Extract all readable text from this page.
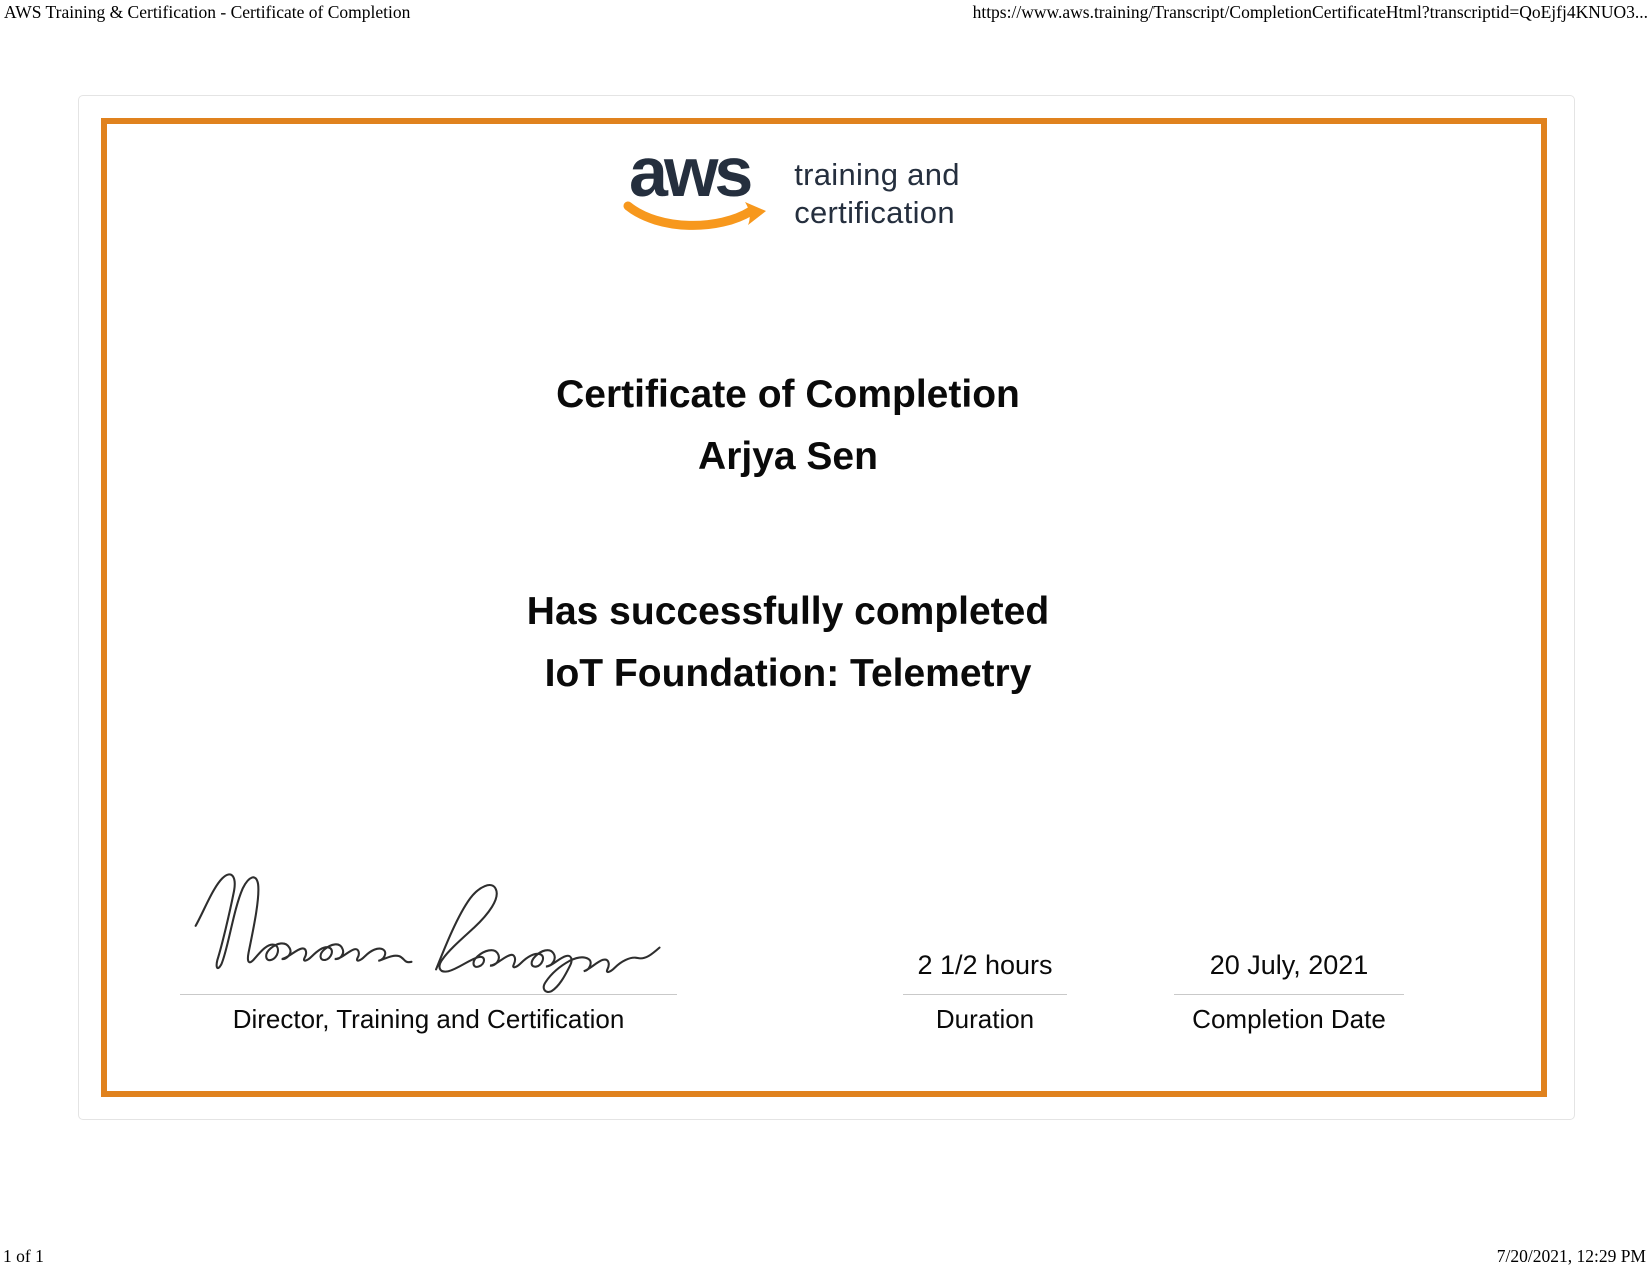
AWS Training & Certification - Certificate of Completion	https://www.aws.training/Transcript/CompletionCertificateHtml?transcriptid=QoEjfj4KNUO3...
aws training and
certification
Certificate of Completion
Arjya Sen
Has successfully completed
IoT Foundation: Telemetry
Director, Training and Certification
2 1/2 hours
Duration
20 July, 2021
Completion Date
1 of 1	7/20/2021, 12:29 PM
